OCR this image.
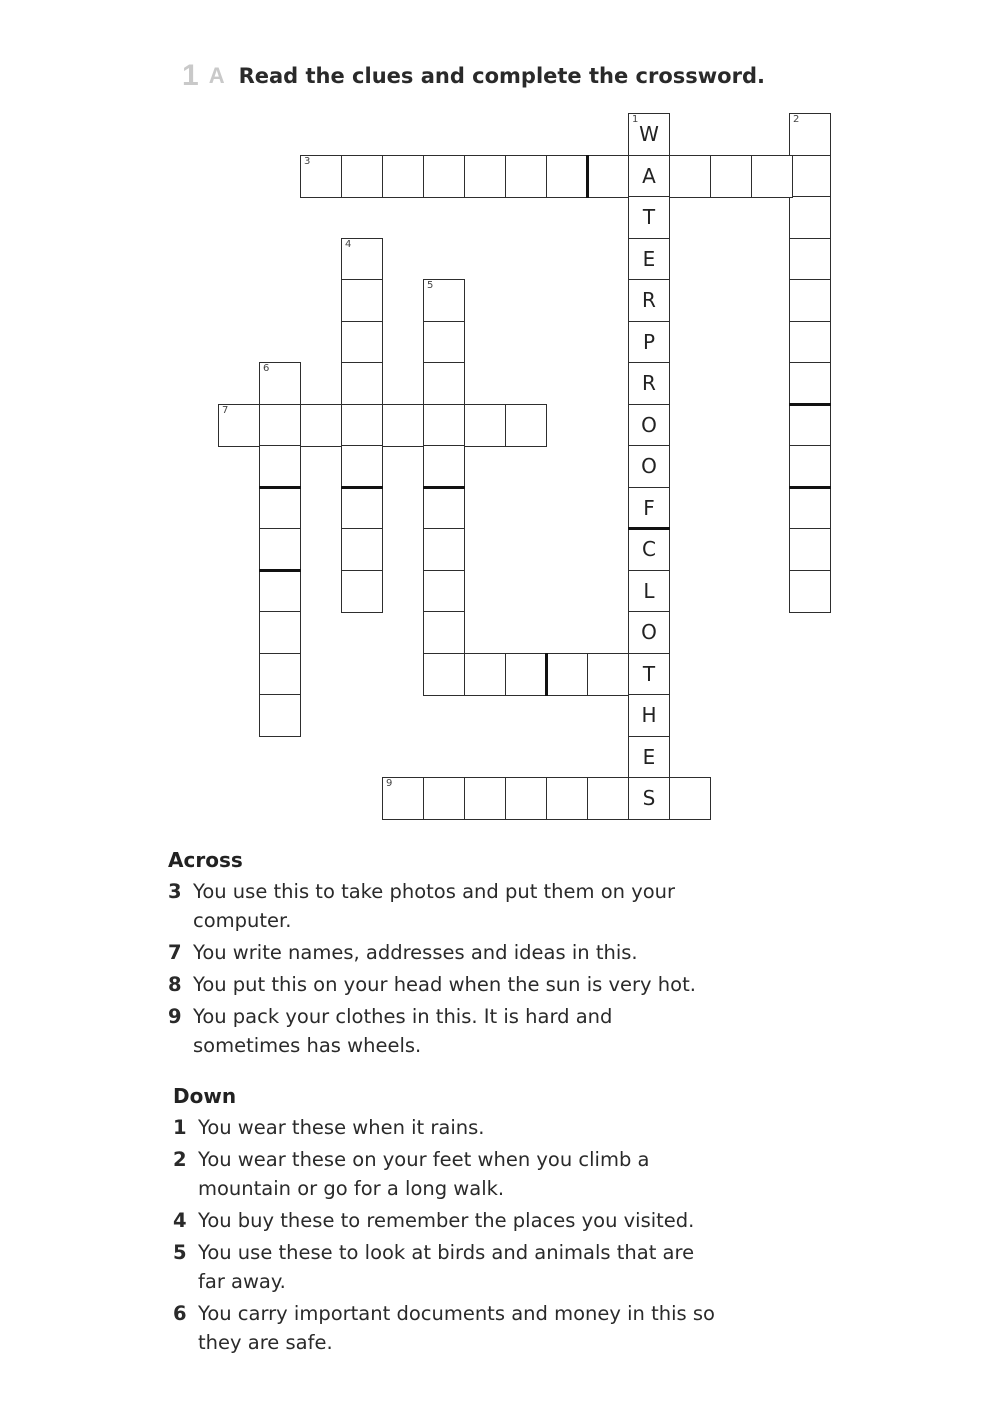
1 A Read the clues and complete the crossword.
1
W
A
T
E
R
P
R
O
O
F
C
L
O
T
H
E
S
2
3
4
5
6
7
9
Across
3 You use this to take photos and put them on your computer.
7 You write names, addresses and ideas in this.
8 You put this on your head when the sun is very hot.
9 You pack your clothes in this. It is hard and sometimes has wheels.
Down
1 You wear these when it rains.
2 You wear these on your feet when you climb a mountain or go for a long walk.
4 You buy these to remember the places you visited.
5 You use these to look at birds and animals that are far away.
6 You carry important documents and money in this so they are safe.
